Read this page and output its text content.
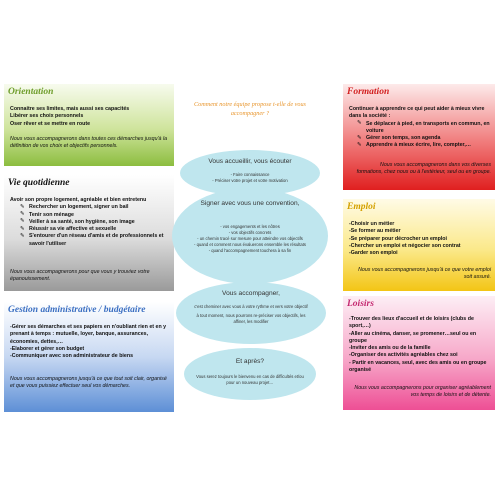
Orientation
Connaitre ses limites, mais aussi ses capacités
Libérer ses choix personnels
Oser rêver et se mettre en route
Nous vous accompagnerons dans toutes ces démarches jusqu'à la définition de vos choix et objectifs personnels.
Vie quotidienne
Avoir son propre logement, agréable et bien entretenu
✎ Rechercher un logement, signer un bail
✎ Tenir son ménage
✎ Veiller à sa santé, son hygiène, son image
✎ Réussir sa vie affective et sexuelle
✎ S'entourer d'un réseau d'amis et de professionnels et savoir l'utiliser
Nous vous accompagnerons pour que vous y trouviez votre épanouissement.
Gestion administrative / budgétaire
-Gérer ses démarches et ses papiers en n'oubliant rien et en y prenant à temps : mutuelle, loyer, banque, assurances, économies, dettes,…
-Elaborer et gérer son budget
-Communiquer avec son administrateur de biens
Nous vous accompagnerons jusqu'à ce que tout soit clair, organisé et que vous puissiez effectuer seul vos démarches.
Comment notre équipe propose t-elle de vous accompagner ?
Signer avec vous une convention,
- vos engagements et les nôtres
- vos objectifs concrets
- un chemin tracé sur mesure pour atteindre vos objectifs
- quand et comment nous évaluerons ensemble les résultats
- quand l'accompagnement touchera à sa fin
Vous accueillir, vous écouter
- Faire connaissance
- Préciser votre projet et votre motivation
Vous accompagner,
c'est cheminer avec vous à votre rythme et vers votre objectif
à tout moment, nous pourrons re-préciser vos objectifs, les affiner, les modifier
Et après?
Vous serez toujours le bienvenu en cas de difficultés et/ou pour un nouveau projet…
Formation
Continuer à apprendre ce qui peut aider à mieux vivre dans la société :
✎ Se déplacer à pied, en transports en commun, en voiture
✎ Gérer son temps, son agenda
✎ Apprendre à mieux écrire, lire, compter,…
Nous vous accompagnerons dans vos diverses formations, chez nous ou à l'extérieur, seul ou en groupe.
Emploi
-Choisir un métier
-Se former au métier
-Se préparer pour décrocher un emploi
-Chercher un emploi et négocier son contrat
-Garder son emploi
Nous vous accompagnerons jusqu'à ce que votre emploi soit assuré.
Loisirs
-Trouver des lieux d'accueil et de loisirs (clubs de sport,…)
-Aller au cinéma, danser, se promener…seul ou en groupe
-Inviter des amis ou de la famille
-Organiser des activités agréables chez soi
- Partir en vacances, seul, avec des amis ou en groupe organisé
Nous vous accompagnerons pour organiser agréablement vos temps de loisirs et de détente.
